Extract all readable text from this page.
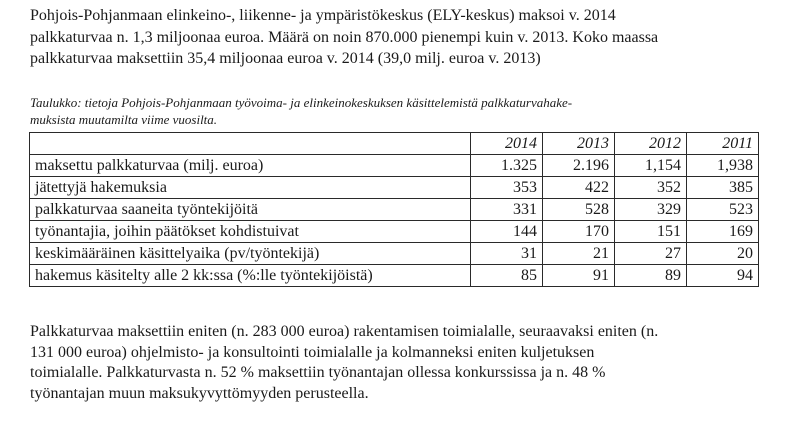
Pohjois-Pohjanmaan elinkeino-, liikenne- ja ympäristökeskus (ELY-keskus) maksoi v. 2014
palkkaturvaa n. 1,3 miljoonaa euroa. Määrä on noin 870.000 pienempi kuin v. 2013. Koko maassa
palkkaturvaa maksettiin 35,4 miljoonaa euroa v. 2014 (39,0 milj. euroa v. 2013)

Taulukko: tietoja Pohjois-Pohjanmaan työvoima- ja elinkeinokeskuksen käsittelemistä palkkaturvahake-
muksista muutamilta viime vuosilta.

	2014	2013	2012	2011
maksettu palkkaturvaa (milj. euroa)	1.325	2.196	1,154	1,938
jätettyjä hakemuksia	353	422	352	385
palkkaturvaa saaneita työntekijöitä	331	528	329	523
työnantajia, joihin päätökset kohdistuivat	144	170	151	169
keskimääräinen käsittelyaika (pv/työntekijä)	31	21	27	20
hakemus käsitelty alle 2 kk:ssa (%:lle työntekijöistä)	85	91	89	94

Palkkaturvaa maksettiin eniten (n. 283 000 euroa) rakentamisen toimialalle, seuraavaksi eniten (n.
131 000 euroa) ohjelmisto- ja konsultointi toimialalle ja kolmanneksi eniten kuljetuksen
toimialalle. Palkkaturvasta n. 52 % maksettiin työnantajan ollessa konkurssissa ja n. 48 %
työnantajan muun maksukyvyttömyyden perusteella.
